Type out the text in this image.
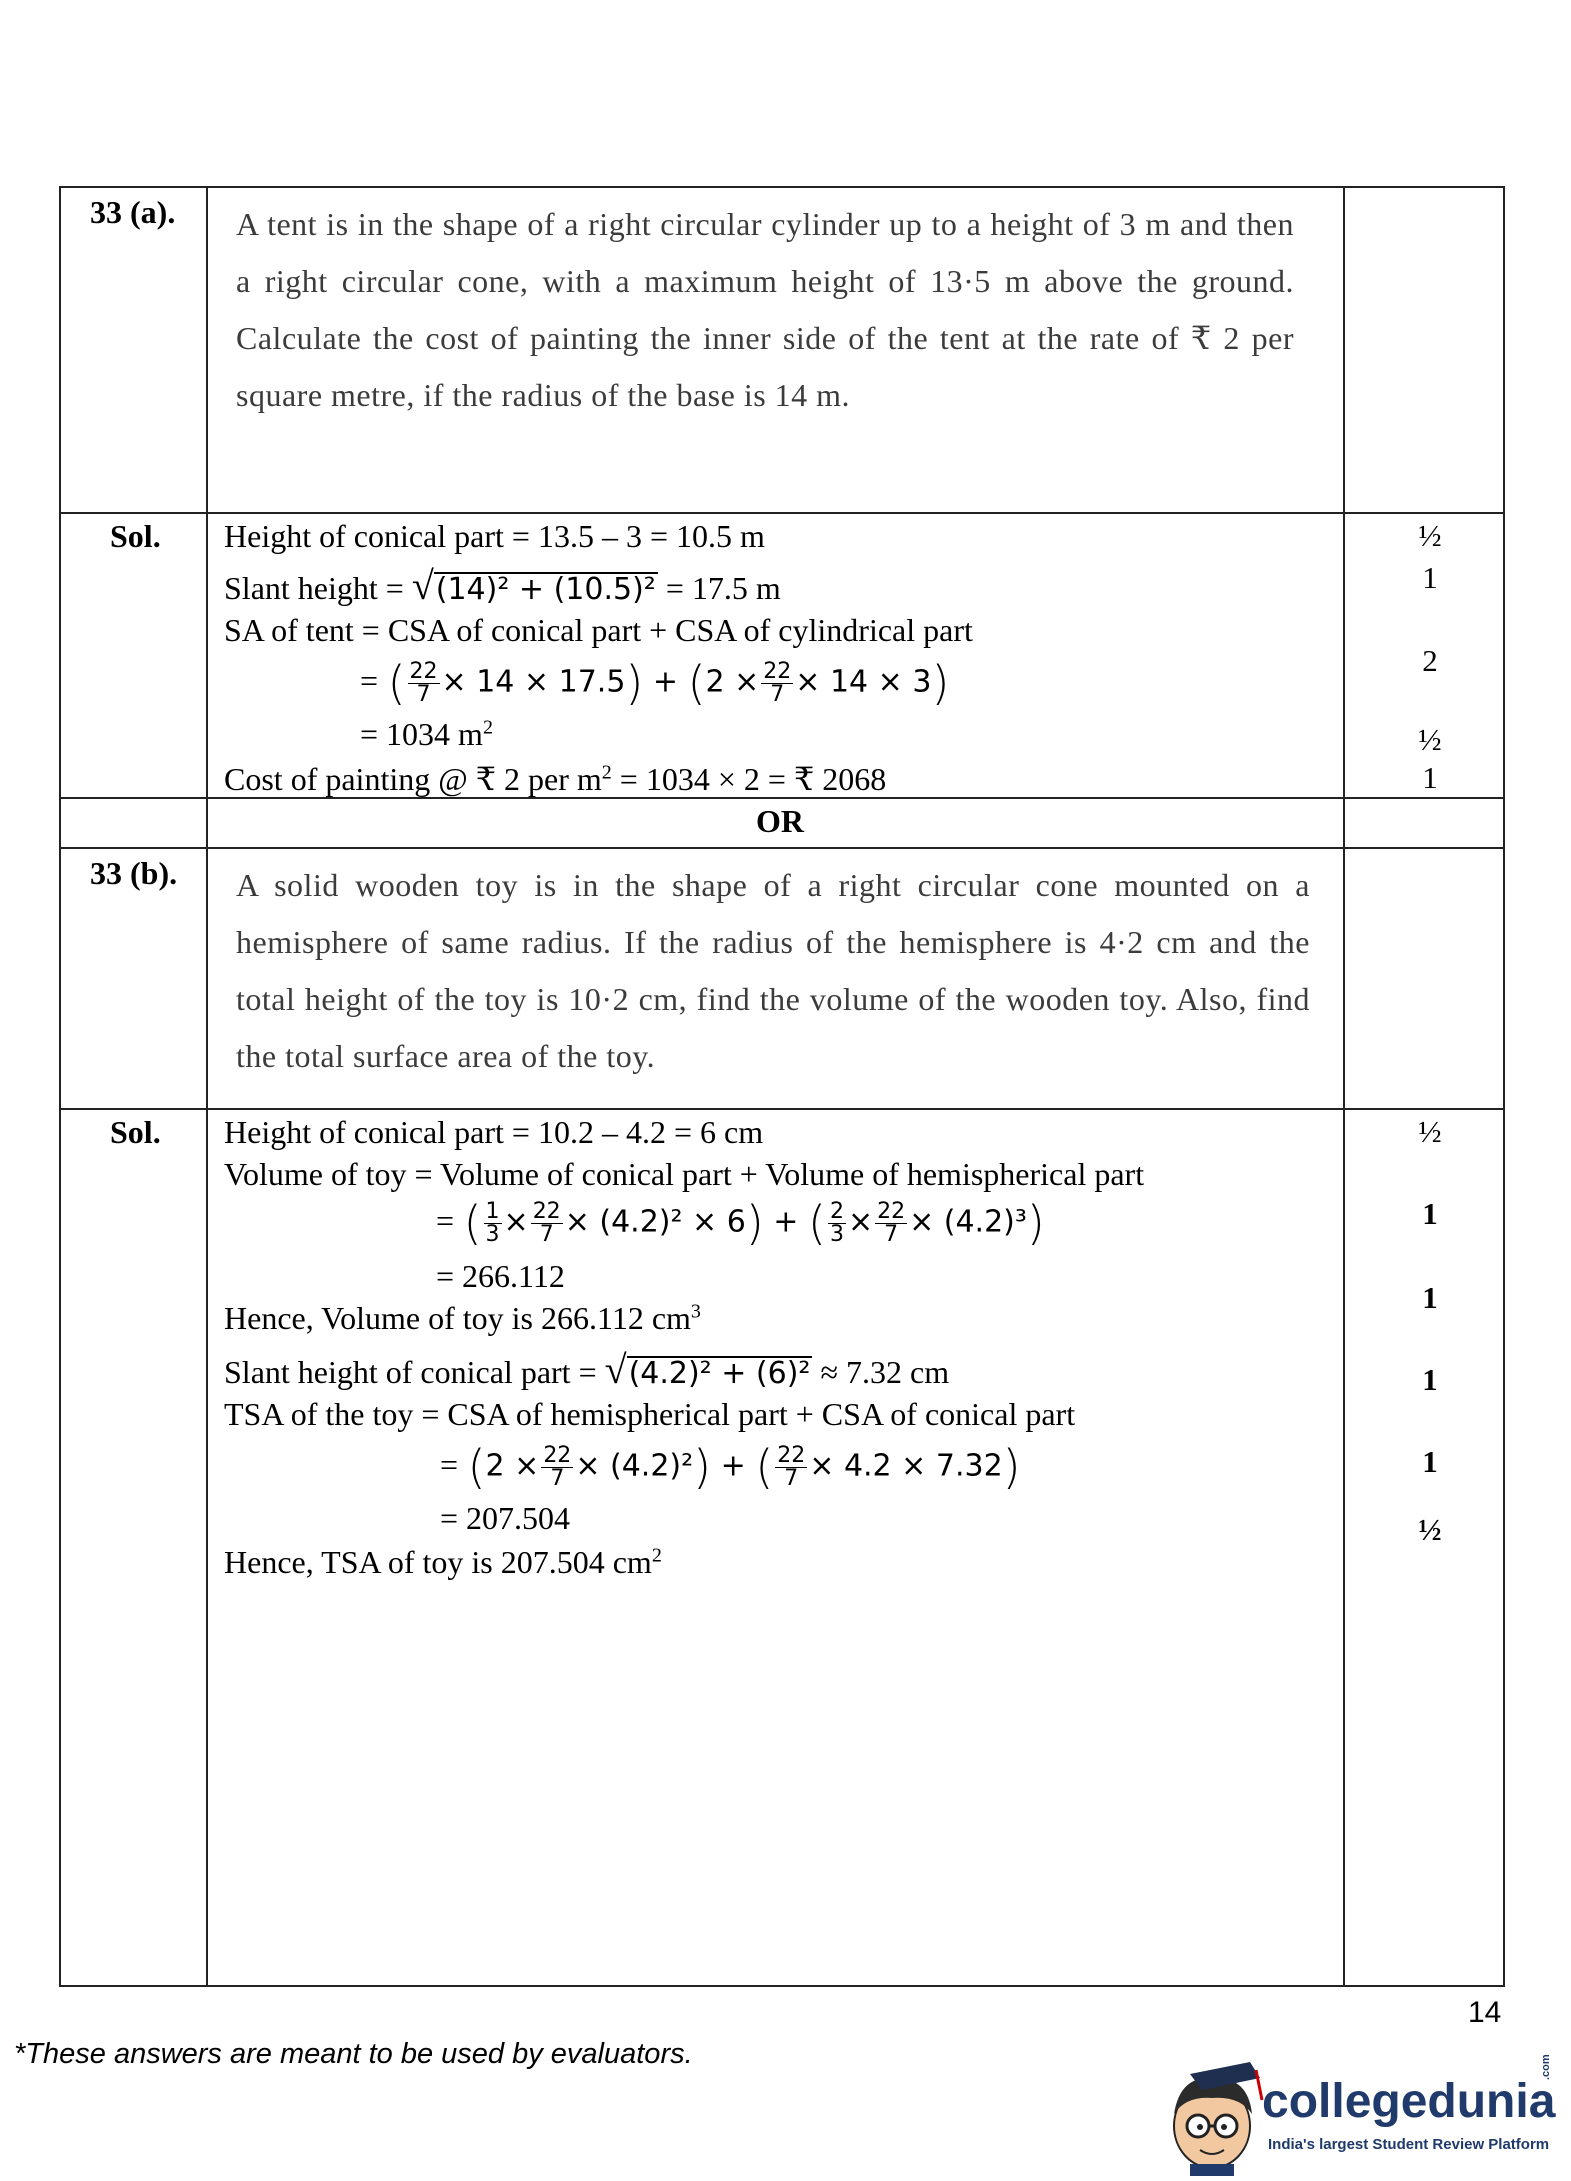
33 (a). A tent is in the shape of a right circular cylinder up to a height of 3 m and then a right circular cone, with a maximum height of 13·5 m above the ground. Calculate the cost of painting the inner side of the tent at the rate of ₹ 2 per square metre, if the radius of the base is 14 m.
Sol. Height of conical part = 13.5 – 3 = 10.5 m
Slant height = √(14)² + (10.5)² = 17.5 m
SA of tent = CSA of conical part + CSA of cylindrical part
= ( $\frac{22}{7} \times 14 \times 17.5) + (2 \times \frac{22}{7} \times 14 \times 3)$
= 1034 $m^2$
Cost of painting @ ₹ 2 per $m^2 = 1034 \times 2$ = ₹ 2068
½
1
2
½
1
OR
33 (b). A solid wooden toy is in the shape of a right circular cone mounted on a hemisphere of same radius. If the radius of the hemisphere is 4·2 cm and the total height of the toy is 10·2 cm, find the volume of the wooden toy. Also, find the total surface area of the toy.
Sol. Height of conical part = 10.2 – 4.2 = 6 cm
Volume of toy = Volume of conical part + Volume of hemispherical part
= ( $\frac{1}{3} \times \frac{22}{7} \times (4.2)^2 \times 6$) + ( $\frac{2}{3} \times \frac{22}{7} \times (4.2)^3$)
= 266.112
Hence, Volume of toy is 266.112 $cm^3$
Slant height of conical part = √(4.2)² + (6)² ≈ 7.32 cm
TSA of the toy = CSA of hemispherical part + CSA of conical part
= $(2 \times \frac{22}{7} \times (4.2)^2)$ + ( $\frac{22}{7} \times 4.2 \times 7.32$)
= 207.504
Hence, TSA of toy is 207.504 $cm^2$
½
1
1
1
1
½
14
*These answers are meant to be used by evaluators.
collegedunia
.com
India's largest Student Review Platform
